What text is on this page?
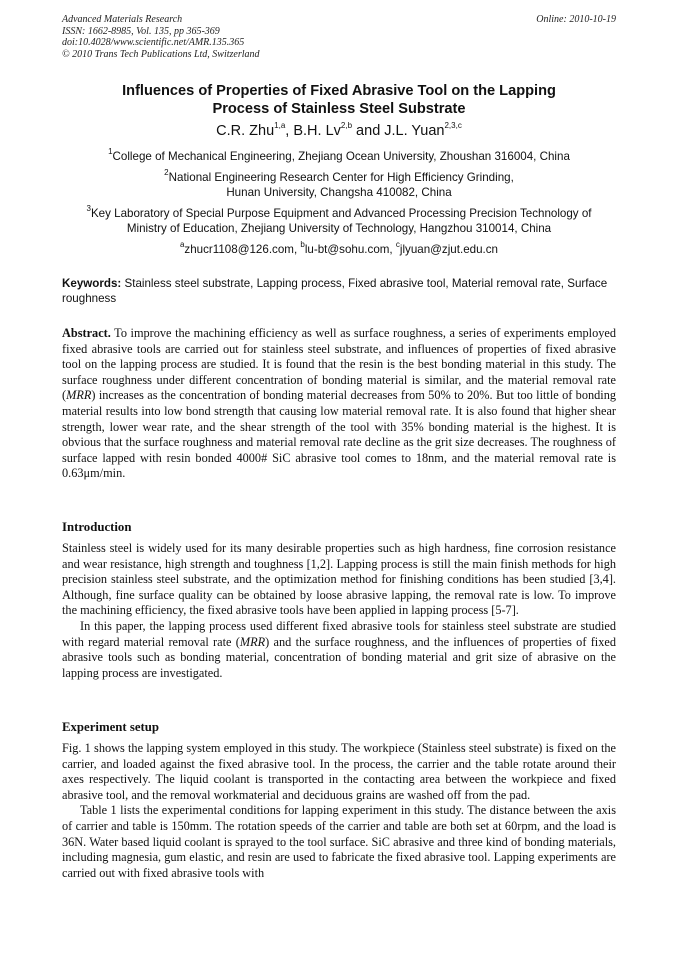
Advanced Materials Research
ISSN: 1662-8985, Vol. 135, pp 365-369
doi:10.4028/www.scientific.net/AMR.135.365
© 2010 Trans Tech Publications Ltd, Switzerland
Online: 2010-10-19
Influences of Properties of Fixed Abrasive Tool on the Lapping
Process of Stainless Steel Substrate
C.R. Zhu$^{1,a}$, B.H. Lv$^{2,b}$ and J.L. Yuan$^{2,3,c}$
$^1$College of Mechanical Engineering, Zhejiang Ocean University, Zhoushan 316004, China
$^2$National Engineering Research Center for High Efficiency Grinding,
Hunan University, Changsha 410082, China
$^3$Key Laboratory of Special Purpose Equipment and Advanced Processing Precision Technology of
Ministry of Education, Zhejiang University of Technology, Hangzhou 310014, China
$^a$zhucr1108@126.com, $^b$lu-bt@sohu.com, $^c$jlyuan@zjut.edu.cn
Keywords: Stainless steel substrate, Lapping process, Fixed abrasive tool, Material removal rate, Surface roughness
Abstract. To improve the machining efficiency as well as surface roughness, a series of experiments employed fixed abrasive tools are carried out for stainless steel substrate, and influences of properties of fixed abrasive tool on the lapping process are studied. It is found that the resin is the best bonding material in this study. The surface roughness under different concentration of bonding material is similar, and the material removal rate (MRR) increases as the concentration of bonding material decreases from 50% to 20%. But too little of bonding material results into low bond strength that causing low material removal rate. It is also found that higher shear strength, lower wear rate, and the shear strength of the tool with 35% bonding material is the highest. It is obvious that the surface roughness and material removal rate decline as the grit size decreases. The roughness of surface lapped with resin bonded 4000# SiC abrasive tool comes to 18nm, and the material removal rate is 0.63μm/min.
Introduction
Stainless steel is widely used for its many desirable properties such as high hardness, fine corrosion resistance and wear resistance, high strength and toughness [1,2]. Lapping process is still the main finish methods for high precision stainless steel substrate, and the optimization method for finishing conditions has been studied [3,4]. Although, fine surface quality can be obtained by loose abrasive lapping, the removal rate is low. To improve the machining efficiency, the fixed abrasive tools have been applied in lapping process [5-7].
In this paper, the lapping process used different fixed abrasive tools for stainless steel substrate are studied with regard material removal rate (MRR) and the surface roughness, and the influences of properties of fixed abrasive tools such as bonding material, concentration of bonding material and grit size of abrasive on the lapping process are investigated.
Experiment setup
Fig. 1 shows the lapping system employed in this study. The workpiece (Stainless steel substrate) is fixed on the carrier, and loaded against the fixed abrasive tool. In the process, the carrier and the table rotate around their axes respectively. The liquid coolant is transported in the contacting area between the workpiece and fixed abrasive tool, and the removal workmaterial and deciduous grains are washed off from the pad.
Table 1 lists the experimental conditions for lapping experiment in this study. The distance between the axis of carrier and table is 150mm. The rotation speeds of the carrier and table are both set at 60rpm, and the load is 36N. Water based liquid coolant is sprayed to the tool surface. SiC abrasive and three kind of bonding materials, including magnesia, gum elastic, and resin are used to fabricate the fixed abrasive tool. Lapping experiments are carried out with fixed abrasive tools with
